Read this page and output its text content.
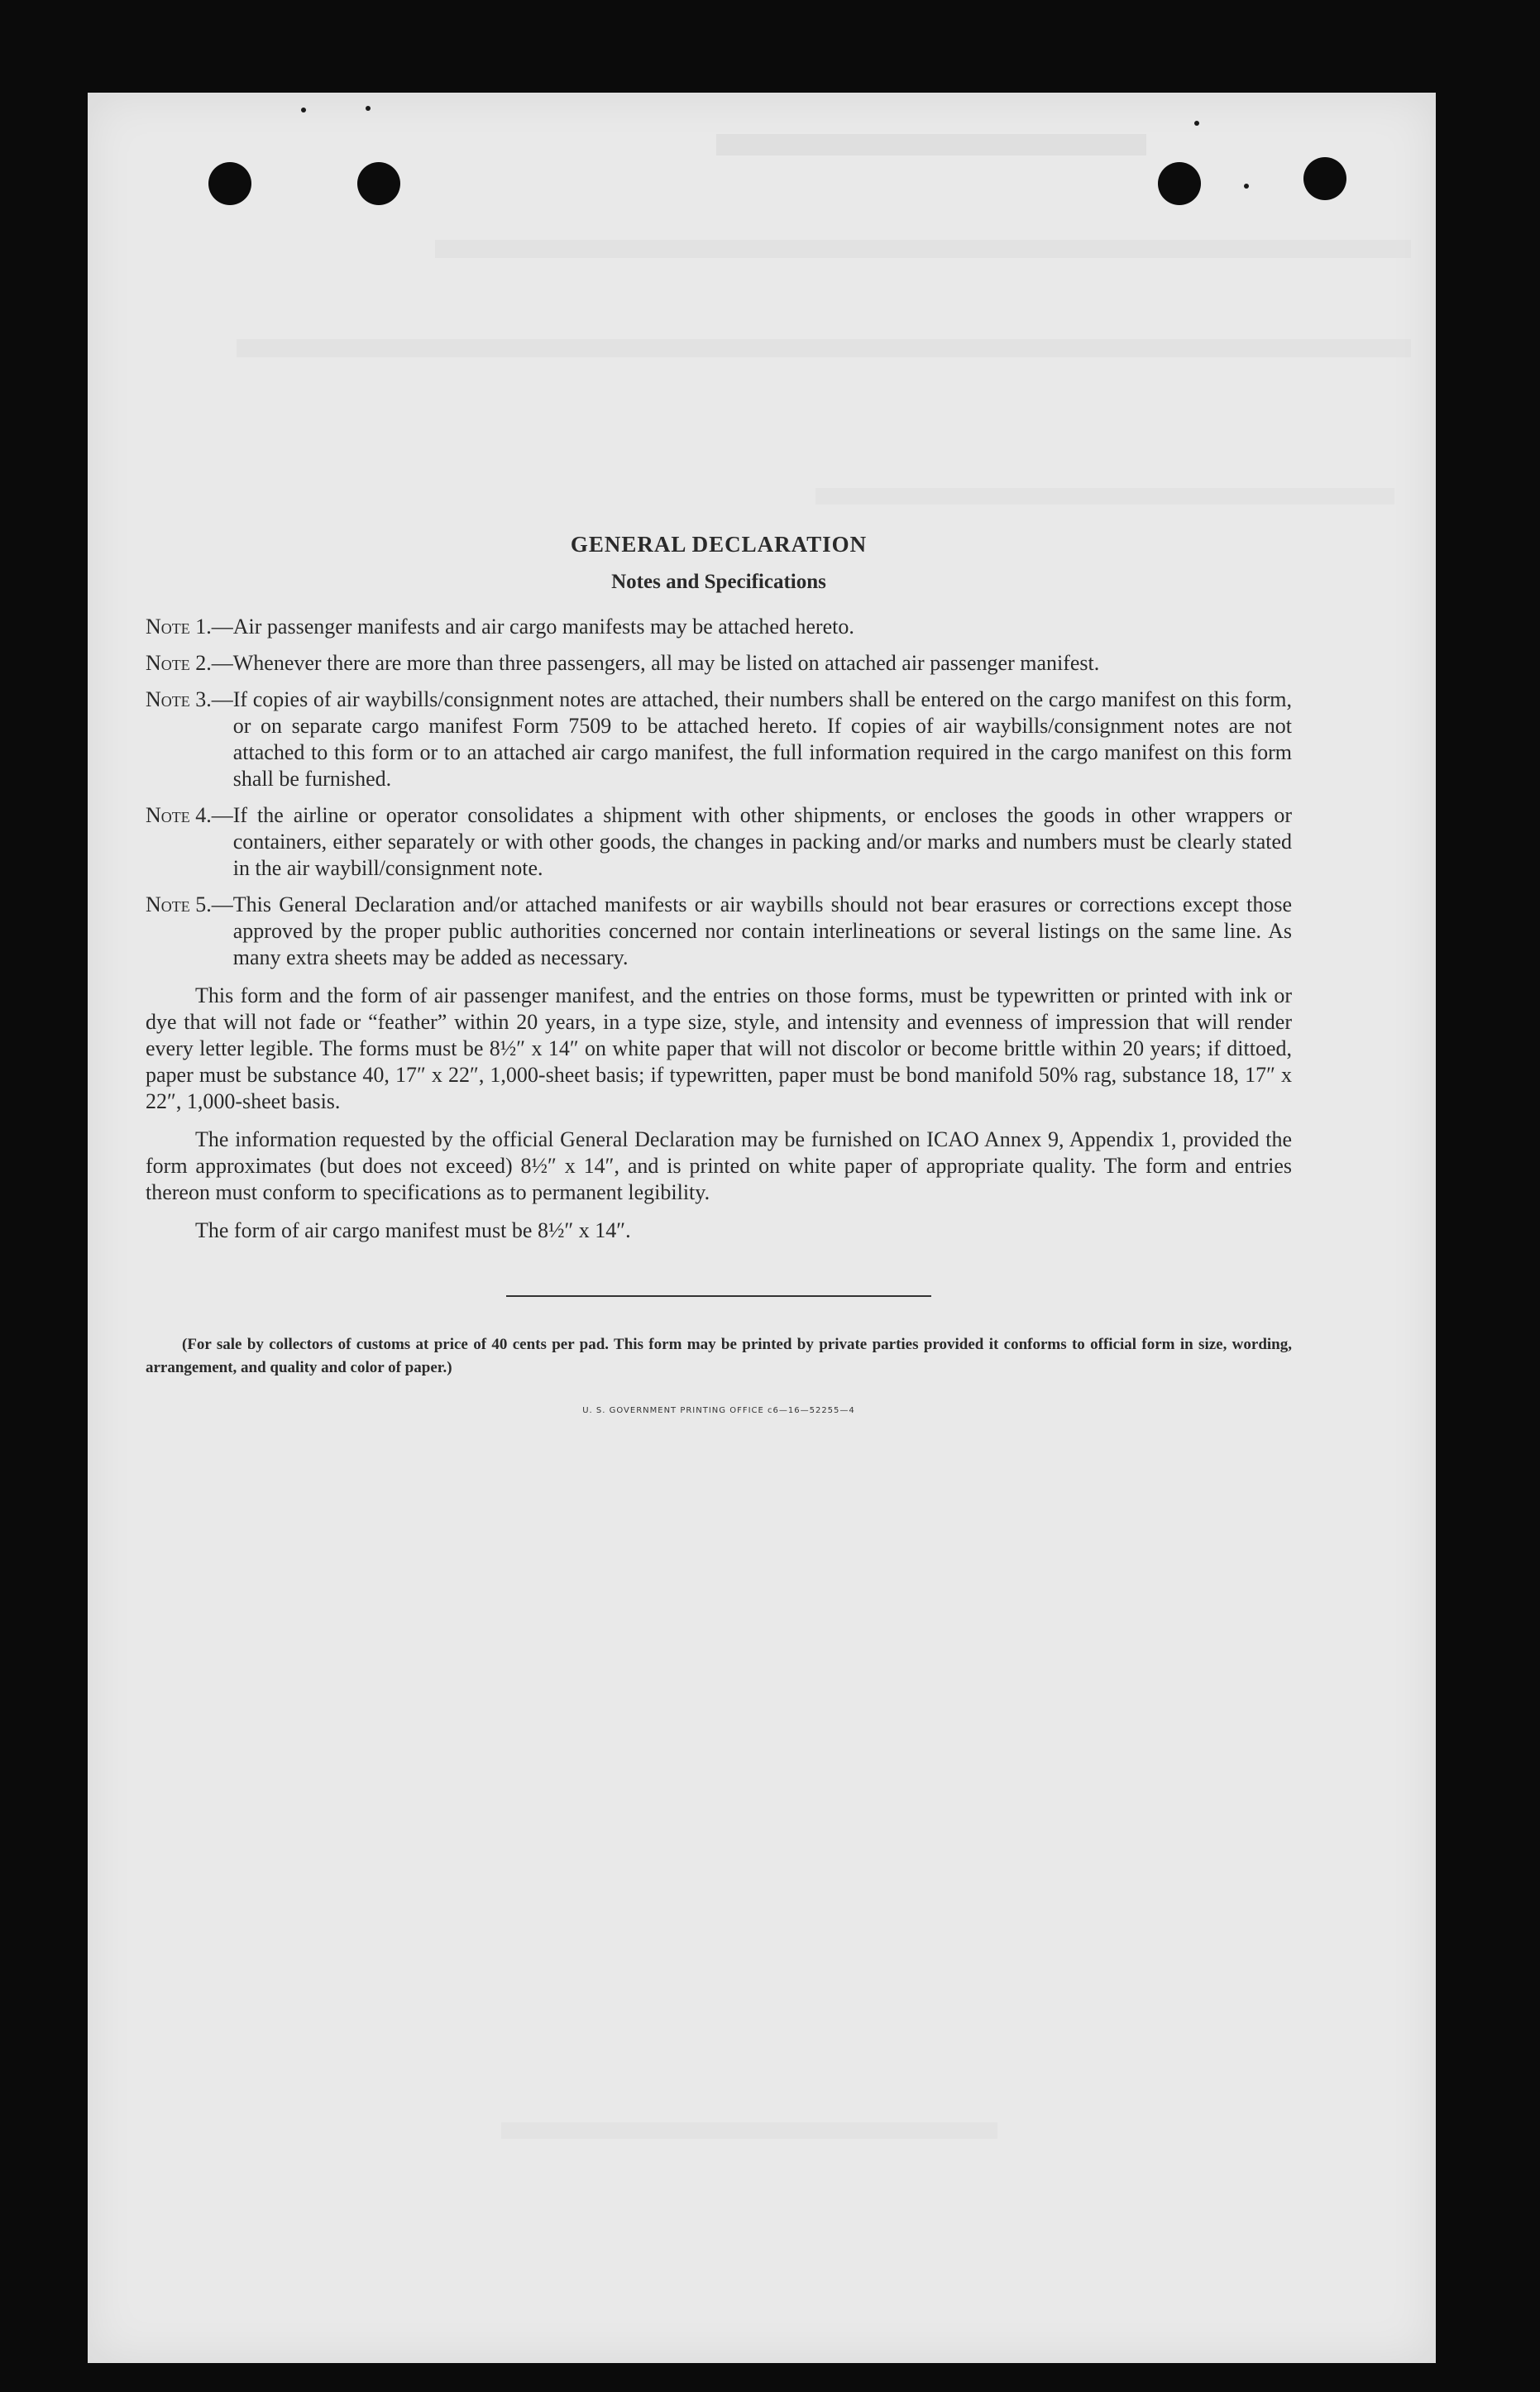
GENERAL DECLARATION
Notes and Specifications
Note 1.— Air passenger manifests and air cargo manifests may be attached hereto.
Note 2.— Whenever there are more than three passengers, all may be listed on attached air passenger manifest.
Note 3.— If copies of air waybills/consignment notes are attached, their numbers shall be entered on the cargo manifest on this form, or on separate cargo manifest Form 7509 to be attached hereto. If copies of air waybills/consignment notes are not attached to this form or to an attached air cargo manifest, the full information required in the cargo manifest on this form shall be furnished.
Note 4.— If the airline or operator consolidates a shipment with other shipments, or encloses the goods in other wrappers or containers, either separately or with other goods, the changes in packing and/or marks and numbers must be clearly stated in the air waybill/consignment note.
Note 5.— This General Declaration and/or attached manifests or air waybills should not bear erasures or corrections except those approved by the proper public authorities concerned nor contain interlineations or several listings on the same line. As many extra sheets may be added as necessary.

This form and the form of air passenger manifest, and the entries on those forms, must be typewritten or printed with ink or dye that will not fade or “feather” within 20 years, in a type size, style, and intensity and evenness of impression that will render every letter legible. The forms must be 8½″ x 14″ on white paper that will not discolor or become brittle within 20 years; if dittoed, paper must be substance 40, 17″ x 22″, 1,000-sheet basis; if typewritten, paper must be bond manifold 50% rag, substance 18, 17″ x 22″, 1,000-sheet basis.

The information requested by the official General Declaration may be furnished on ICAO Annex 9, Appendix 1, provided the form approximates (but does not exceed) 8½″ x 14″, and is printed on white paper of appropriate quality. The form and entries thereon must conform to specifications as to permanent legibility.

The form of air cargo manifest must be 8½″ x 14″.

(For sale by collectors of customs at price of 40 cents per pad. This form may be printed by private parties provided it conforms to official form in size, wording, arrangement, and quality and color of paper.)

U. S. GOVERNMENT PRINTING OFFICE c6—16—52255—4
